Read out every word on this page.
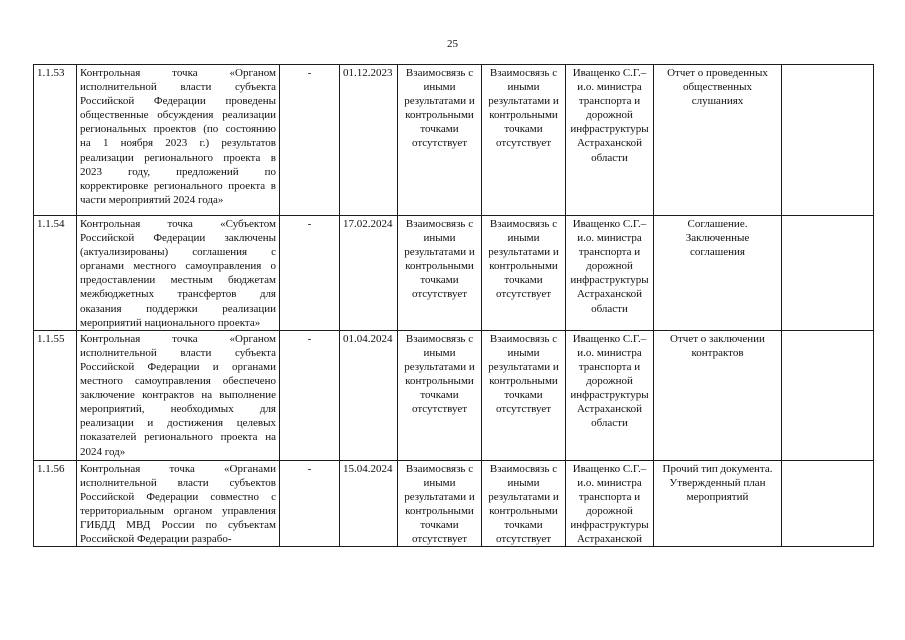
25
1.1.53	Контрольная точка «Органом исполнительной власти субъекта Российской Федерации проведены общественные обсуждения реализации региональных проектов (по состоянию на 1 ноября 2023 г.) результатов реализации регионального проекта в 2023 году, предложений по корректировке регионального проекта в части мероприятий 2024 года»	-	01.12.2023	Взаимосвязь с иными результатами и контрольными точками отсутствует	Взаимосвязь с иными результатами и контрольными точками отсутствует	Иващенко С.Г.– и.о. министра транспорта и дорожной инфраструктуры Астраханской области	Отчет о проведенных общественных слушаниях	
1.1.54	Контрольная точка «Субъектом Российской Федерации заключены (актуализированы) соглашения с органами местного самоуправления о предоставлении местным бюджетам межбюджетных трансфертов для оказания поддержки реализации мероприятий национального проекта»	-	17.02.2024	Взаимосвязь с иными результатами и контрольными точками отсутствует	Взаимосвязь с иными результатами и контрольными точками отсутствует	Иващенко С.Г.– и.о. министра транспорта и дорожной инфраструктуры Астраханской области	Соглашение. Заключенные соглашения	
1.1.55	Контрольная точка «Органом исполнительной власти субъекта Российской Федерации и органами местного самоуправления обеспечено заключение контрактов на выполнение мероприятий, необходимых для реализации и достижения целевых показателей регионального проекта на 2024 год»	-	01.04.2024	Взаимосвязь с иными результатами и контрольными точками отсутствует	Взаимосвязь с иными результатами и контрольными точками отсутствует	Иващенко С.Г.– и.о. министра транспорта и дорожной инфраструктуры Астраханской области	Отчет о заключении контрактов	
1.1.56	Контрольная точка «Органами исполнительной власти субъектов Российской Федерации совместно с территориальным органом управления ГИБДД МВД России по субъектам Российской Федерации разрабо-	-	15.04.2024	Взаимосвязь с иными результатами и контрольными точками отсутствует	Взаимосвязь с иными результатами и контрольными точками отсутствует	Иващенко С.Г.– и.о. министра транспорта и дорожной инфраструктуры Астраханской	Прочий тип документа. Утвержденный план мероприятий	
